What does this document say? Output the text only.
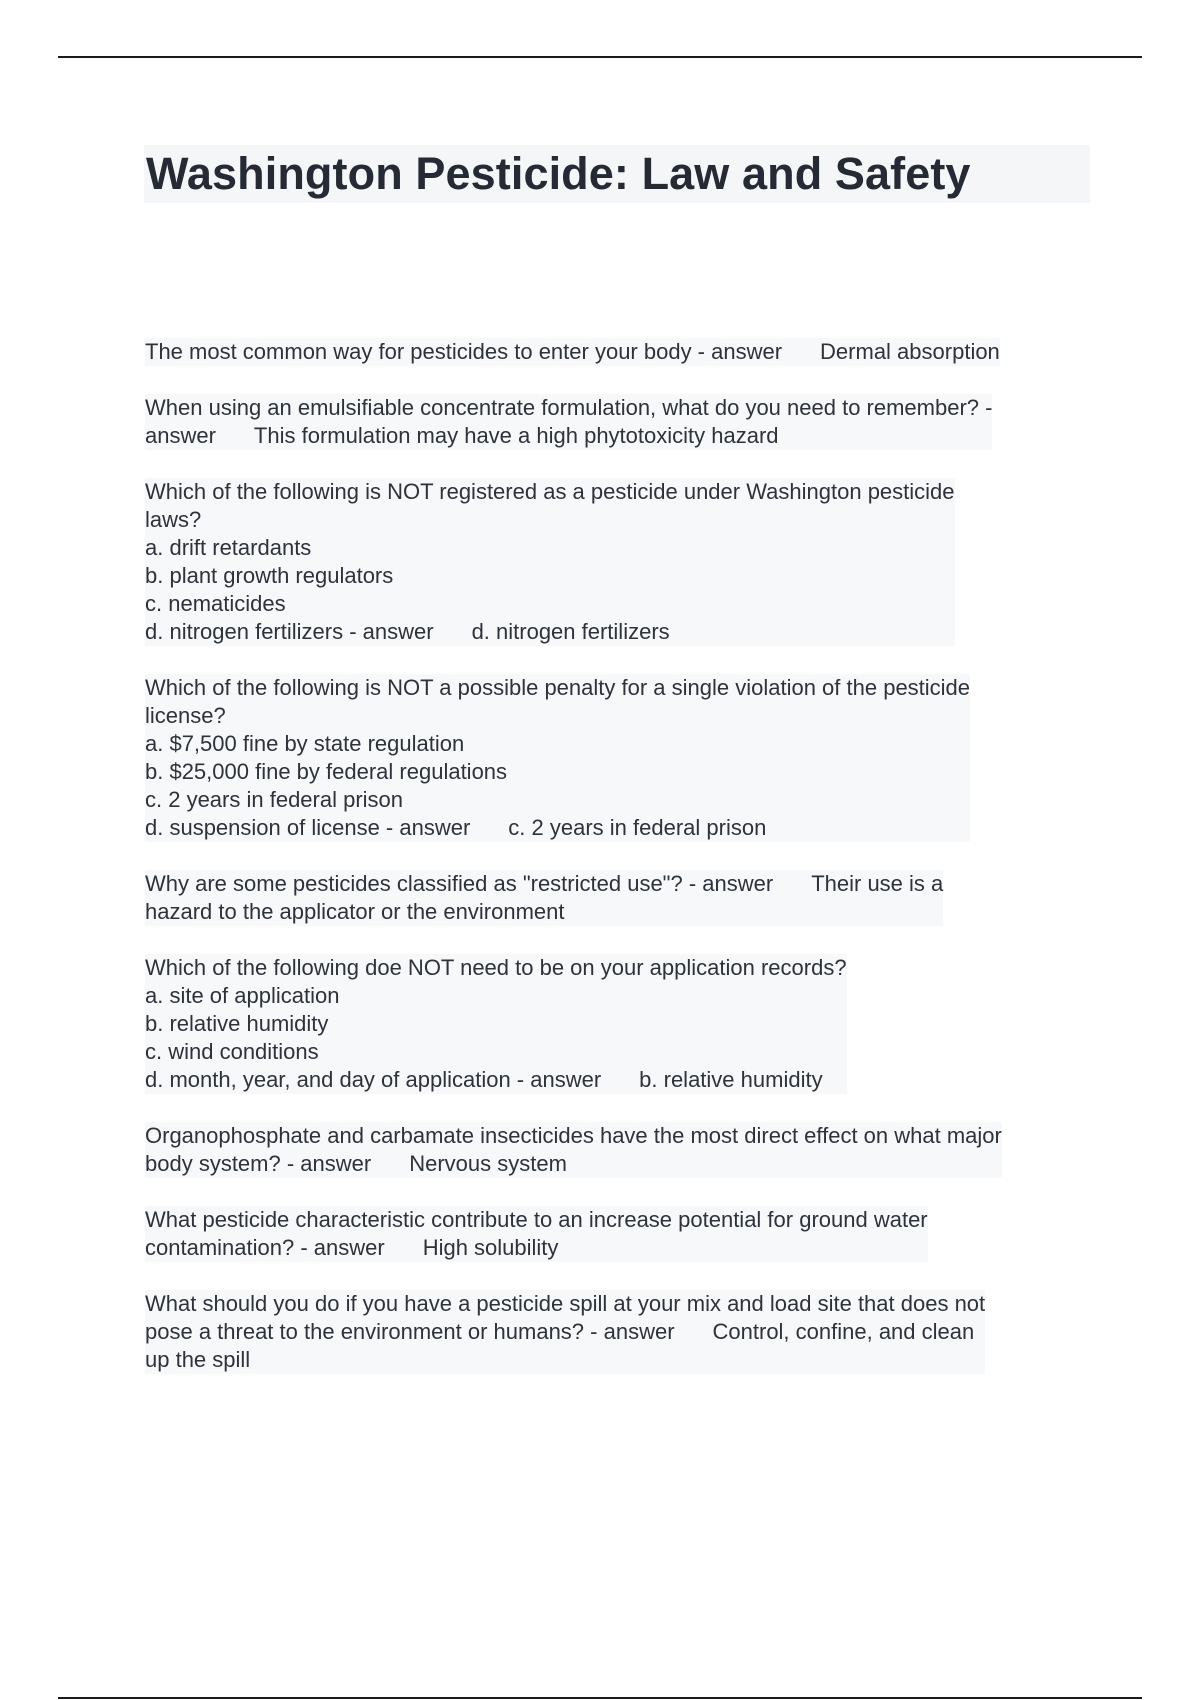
Washington Pesticide: Law and Safety

The most common way for pesticides to enter your body - answer Dermal absorption

When using an emulsifiable concentrate formulation, what do you need to remember? -
answer This formulation may have a high phytotoxicity hazard

Which of the following is NOT registered as a pesticide under Washington pesticide
laws?
a. drift retardants
b. plant growth regulators
c. nematicides
d. nitrogen fertilizers - answer d. nitrogen fertilizers

Which of the following is NOT a possible penalty for a single violation of the pesticide
license?
a. $7,500 fine by state regulation
b. $25,000 fine by federal regulations
c. 2 years in federal prison
d. suspension of license - answer c. 2 years in federal prison

Why are some pesticides classified as "restricted use"? - answer Their use is a
hazard to the applicator or the environment

Which of the following doe NOT need to be on your application records?
a. site of application
b. relative humidity
c. wind conditions
d. month, year, and day of application - answer b. relative humidity

Organophosphate and carbamate insecticides have the most direct effect on what major
body system? - answer Nervous system

What pesticide characteristic contribute to an increase potential for ground water
contamination? - answer High solubility

What should you do if you have a pesticide spill at your mix and load site that does not
pose a threat to the environment or humans? - answer Control, confine, and clean
up the spill
